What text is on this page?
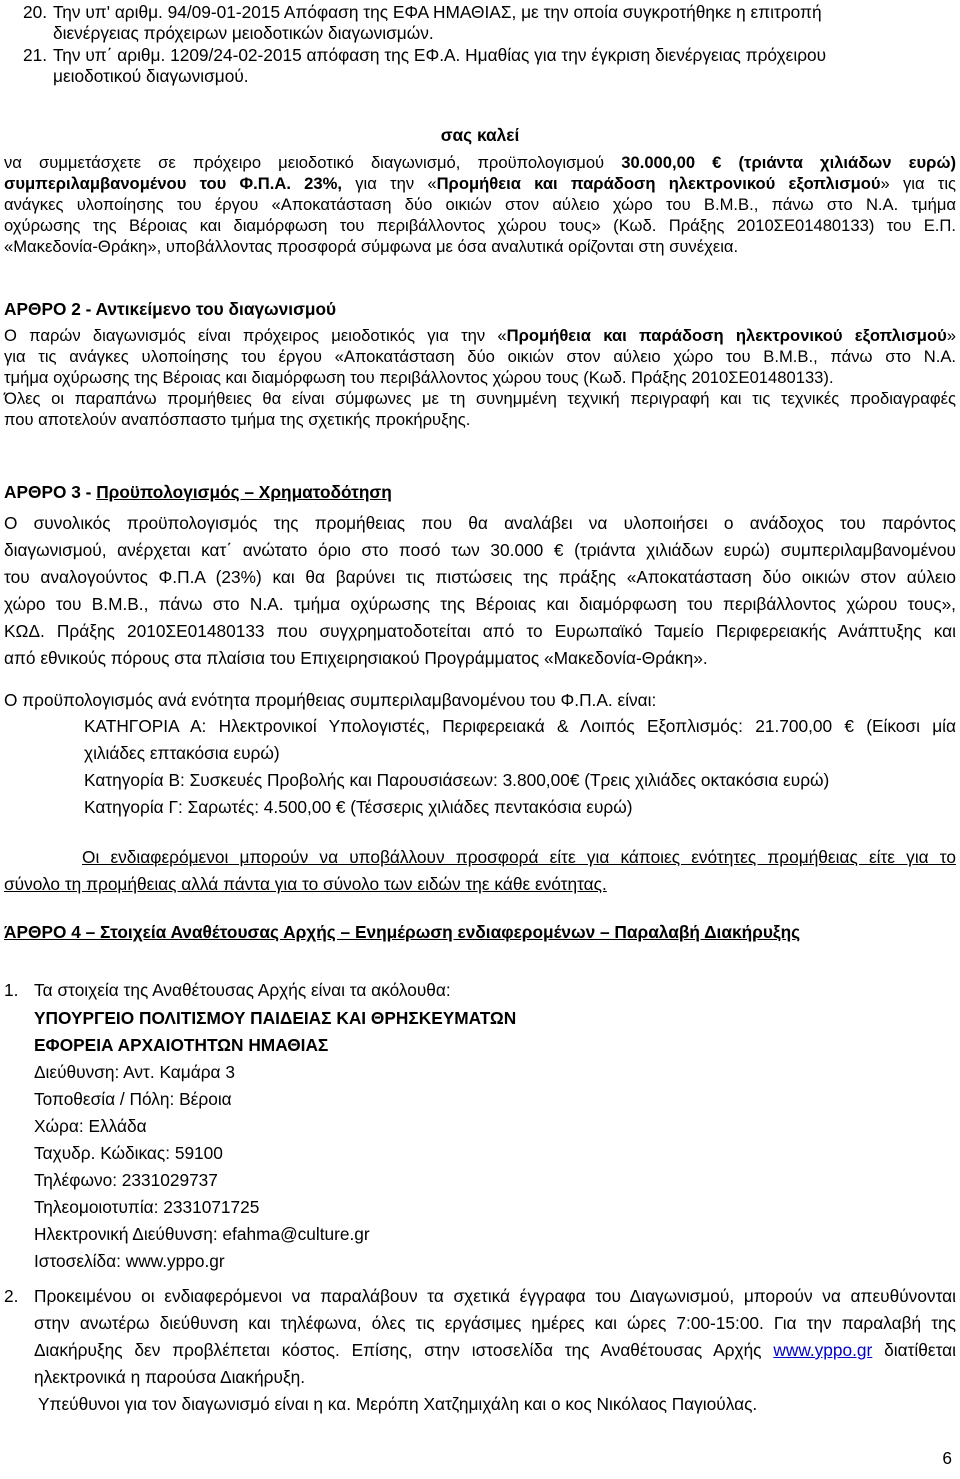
20. Την υπ' αριθμ. 94/09-01-2015 Απόφαση της ΕΦΑ ΗΜΑΘΙΑΣ, με την οποία συγκροτήθηκε η επιτροπή

διενέργειας πρόχειρων μειοδοτικών διαγωνισμών.

21. Την υπ΄ αριθμ. 1209/24-02-2015 απόφαση της ΕΦ.Α. Ημαθίας για την έγκριση διενέργειας πρόχειρου

μειοδοτικού διαγωνισμού.

σας καλεί

να συμμετάσχετε σε πρόχειρο μειοδοτικό διαγωνισμό, προϋπολογισμού 30.000,00 € (τριάντα χιλιάδων ευρώ)

συμπεριλαμβανομένου του Φ.Π.Α. 23%, για την «Προμήθεια και παράδοση ηλεκτρονικού εξοπλισμού» για τις

ανάγκες υλοποίησης του έργου «Αποκατάσταση δύο οικιών στον αύλειο χώρο του Β.Μ.Β., πάνω στο Ν.Α. τμήμα

οχύρωσης της Βέροιας και διαμόρφωση του περιβάλλοντος χώρου τους» (Κωδ. Πράξης 2010ΣΕ01480133) του Ε.Π.

«Μακεδονία-Θράκη», υποβάλλοντας προσφορά σύμφωνα με όσα αναλυτικά ορίζονται στη συνέχεια.

ΑΡΘΡΟ 2 - Αντικείμενο του διαγωνισμού

Ο παρών διαγωνισμός είναι πρόχειρος μειοδοτικός για την «Προμήθεια και παράδοση ηλεκτρονικού εξοπλισμού»

για τις ανάγκες υλοποίησης του έργου «Αποκατάσταση δύο οικιών στον αύλειο χώρο του Β.Μ.Β., πάνω στο Ν.Α.

τμήμα οχύρωσης της Βέροιας και διαμόρφωση του περιβάλλοντος χώρου τους (Κωδ. Πράξης 2010ΣΕ01480133).

Όλες οι παραπάνω προμήθειες θα είναι σύμφωνες με τη συνημμένη τεχνική περιγραφή και τις τεχνικές προδιαγραφές

που αποτελούν αναπόσπαστο τμήμα της σχετικής προκήρυξης.

ΑΡΘΡΟ 3 - Προϋπολογισμός – Χρηματοδότηση

Ο συνολικός προϋπολογισμός της προμήθειας που θα αναλάβει να υλοποιήσει ο ανάδοχος του παρόντος

διαγωνισμού, ανέρχεται κατ΄ ανώτατο όριο στο ποσό των 30.000 € (τριάντα χιλιάδων ευρώ) συμπεριλαμβανομένου

του αναλογούντος Φ.Π.Α (23%) και θα βαρύνει τις πιστώσεις της πράξης «Αποκατάσταση δύο οικιών στον αύλειο

χώρο του Β.Μ.Β., πάνω στο Ν.Α. τμήμα οχύρωσης της Βέροιας και διαμόρφωση του περιβάλλοντος χώρου τους»,

ΚΩΔ. Πράξης 2010ΣΕ01480133 που συγχρηματοδοτείται από το Ευρωπαϊκό Ταμείο Περιφερειακής Ανάπτυξης και

από εθνικούς πόρους στα πλαίσια του Επιχειρησιακού Προγράμματος «Μακεδονία-Θράκη».

Ο προϋπολογισμός ανά ενότητα προμήθειας συμπεριλαμβανομένου του Φ.Π.Α. είναι:

ΚΑΤΗΓΟΡΙΑ Α: Ηλεκτρονικοί Υπολογιστές, Περιφερειακά & Λοιπός Εξοπλισμός: 21.700,00 € (Είκοσι μία

χιλιάδες επτακόσια ευρώ)

Κατηγορία Β: Συσκευές Προβολής και Παρουσιάσεων: 3.800,00€ (Τρεις χιλιάδες οκτακόσια ευρώ)

Κατηγορία Γ: Σαρωτές: 4.500,00 € (Τέσσερις χιλιάδες πεντακόσια ευρώ)

Οι ενδιαφερόμενοι μπορούν να υποβάλλουν προσφορά είτε για κάποιες ενότητες προμήθειας είτε για το

σύνολο τη προμήθειας αλλά πάντα για το σύνολο των ειδών τηε κάθε ενότητας.

ΆΡΘΡΟ 4 – Στοιχεία Αναθέτουσας Αρχής – Ενημέρωση ενδιαφερομένων – Παραλαβή Διακήρυξης

1. Τα στοιχεία της Αναθέτουσας Αρχής είναι τα ακόλουθα:

ΥΠΟΥΡΓΕΙΟ ΠΟΛΙΤΙΣΜΟΥ ΠΑΙΔΕΙΑΣ ΚΑΙ ΘΡΗΣΚΕΥΜΑΤΩΝ

ΕΦΟΡΕΙΑ ΑΡΧΑΙΟΤΗΤΩΝ ΗΜΑΘΙΑΣ

Διεύθυνση: Αντ. Καμάρα 3

Τοποθεσία / Πόλη: Βέροια

Χώρα: Ελλάδα

Ταχυδρ. Κώδικας: 59100

Τηλέφωνο: 2331029737

Τηλεομοιοτυπία: 2331071725

Ηλεκτρονική Διεύθυνση: efahma@culture.gr

Ιστοσελίδα: www.yppo.gr

2. Προκειμένου οι ενδιαφερόμενοι να παραλάβουν τα σχετικά έγγραφα του Διαγωνισμού, μπορούν να απευθύνονται

στην ανωτέρω διεύθυνση και τηλέφωνα, όλες τις εργάσιμες ημέρες και ώρες 7:00-15:00. Για την παραλαβή της

Διακήρυξης δεν προβλέπεται κόστος. Επίσης, στην ιστοσελίδα της Αναθέτουσας Αρχής www.yppo.gr διατίθεται

ηλεκτρονικά η παρούσα Διακήρυξη.

Υπεύθυνοι για τον διαγωνισμό είναι η κα. Μερόπη Χατζημιχάλη και ο κος Νικόλαος Παγιούλας.

6
